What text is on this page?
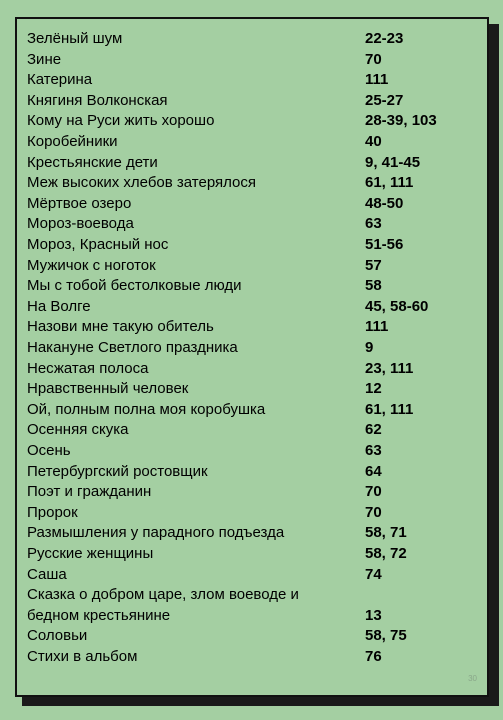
Зелёный шум	22-23
Зине	70
Катерина	111
Княгиня Волконская	25-27
Кому на Руси жить хорошо	28-39, 103
Коробейники	40
Крестьянские дети	9, 41-45
Меж высоких хлебов затерялося	61, 111
Мёртвое озеро	48-50
Мороз-воевода	63
Мороз, Красный нос	51-56
Мужичок с ноготок	57
Мы с тобой бестолковые люди	58
На Волге	45, 58-60
Назови мне такую обитель	111
Накануне Светлого праздника	9
Несжатая полоса	23, 111
Нравственный человек	12
Ой, полным полна моя коробушка	61, 111
Осенняя скука	62
Осень	63
Петербургский ростовщик	64
Поэт и гражданин	70
Пророк	70
Размышления у парадного подъезда	58, 71
Русские женщины	58, 72
Саша	74
Сказка о добром царе, злом воеводе и
бедном крестьянине	13
Соловьи	58, 75
Стихи в альбом	76
30
